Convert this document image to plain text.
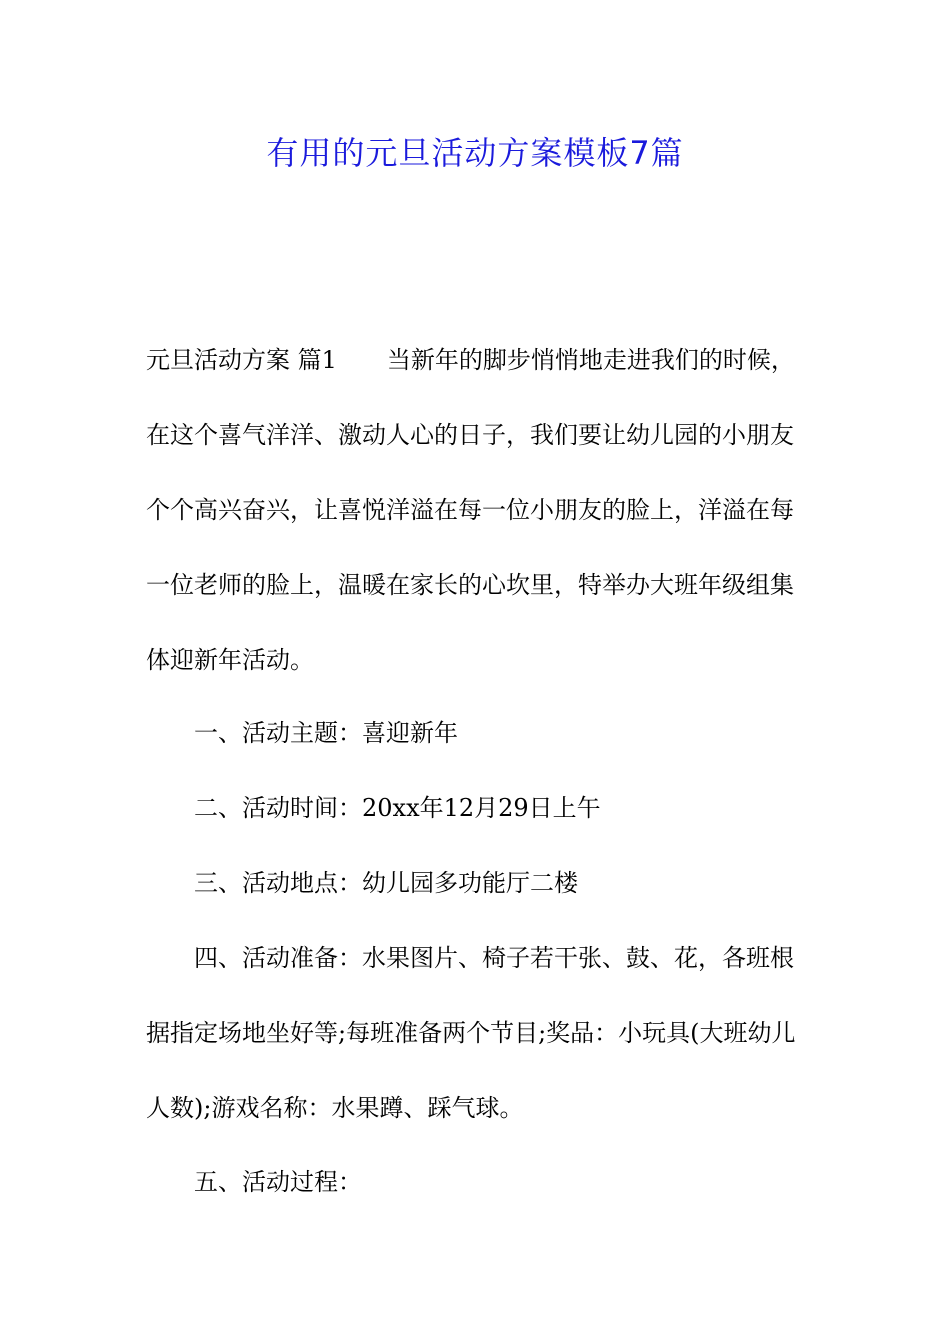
有用的元旦活动方案模板7篇
元旦活动方案 篇1 当新年的脚步悄悄地走进我们的时候，
在这个喜气洋洋、激动人心的日子，我们要让幼儿园的小朋友
个个高兴奋兴，让喜悦洋溢在每一位小朋友的脸上，洋溢在每
一位老师的脸上，温暖在家长的心坎里，特举办大班年级组集
体迎新年活动。
一、活动主题：喜迎新年
二、活动时间：20xx年12月29日上午
三、活动地点：幼儿园多功能厅二楼
四、活动准备：水果图片、椅子若干张、鼓、花，各班根
据指定场地坐好等;每班准备两个节目;奖品：小玩具(大班幼儿
人数);游戏名称：水果蹲、踩气球。
五、活动过程：
